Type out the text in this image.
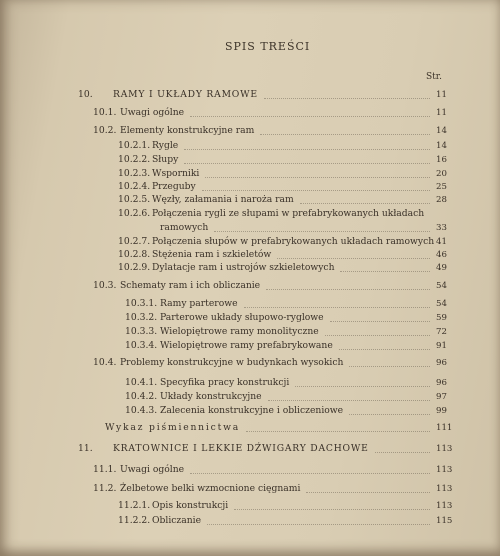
SPIS TREŚCI
Str.
10. RAMY I UKŁADY RAMOWE	11
10.1. Uwagi ogólne	11
10.2. Elementy konstrukcyjne ram	14
10.2.1. Rygle	14
10.2.2. Słupy	16
10.2.3. Wsporniki	20
10.2.4. Przeguby	25
10.2.5. Węzły, załamania i naroża ram	28
10.2.6. Połączenia rygli ze słupami w prefabrykowanych układach
ramowych	33
10.2.7. Połączenia słupów w prefabrykowanych układach ramowych 41
10.2.8. Stężenia ram i szkieletów	46
10.2.9. Dylatacje ram i ustrojów szkieletowych	49
10.3. Schematy ram i ich obliczanie	54
10.3.1. Ramy parterowe	54
10.3.2. Parterowe układy słupowo-ryglowe	59
10.3.3. Wielopiętrowe ramy monolityczne	72
10.3.4. Wielopiętrowe ramy prefabrykowane	91
10.4. Problemy konstrukcyjne w budynkach wysokich	96
10.4.1. Specyfika pracy konstrukcji	96
10.4.2. Układy konstrukcyjne	97
10.4.3. Zalecenia konstrukcyjne i obliczeniowe	99
Wykaz piśmiennictwa	111
11. KRATOWNICE I LEKKIE DŹWIGARY DACHOWE	113
11.1. Uwagi ogólne	113
11.2. Żelbetowe belki wzmocnione cięgnami	113
11.2.1. Opis konstrukcji	113
11.2.2. Obliczanie	115
